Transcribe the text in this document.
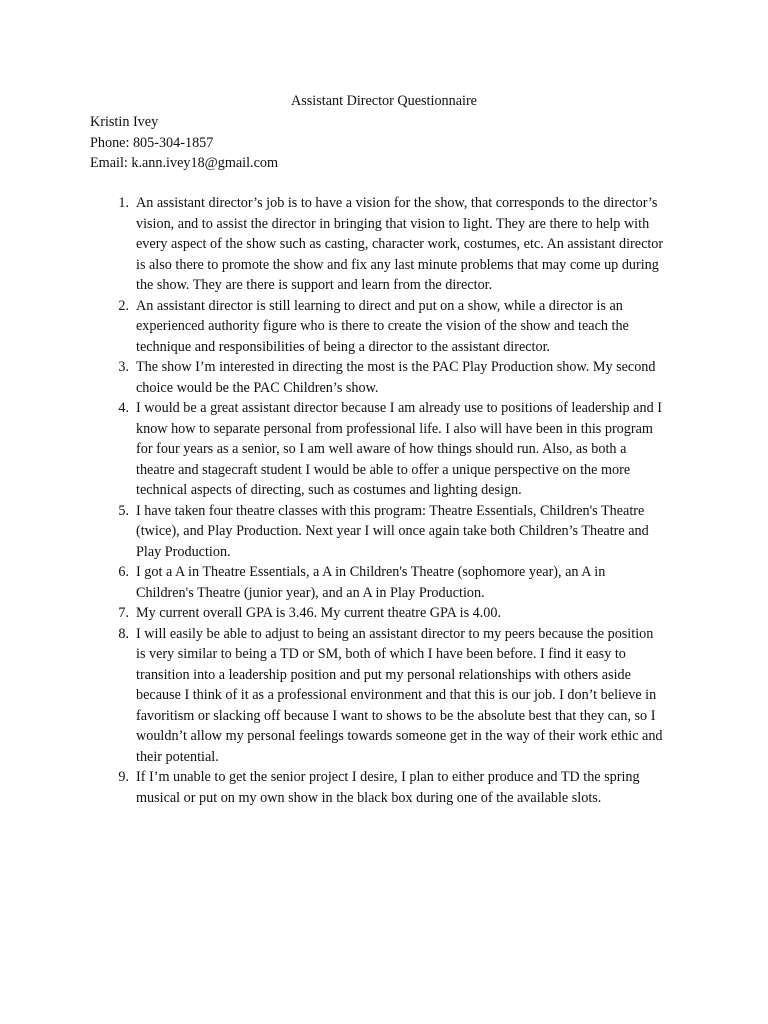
Assistant Director Questionnaire
Kristin Ivey
Phone: 805-304-1857
Email: k.ann.ivey18@gmail.com
1. An assistant director’s job is to have a vision for the show, that corresponds to the director’s vision, and to assist the director in bringing that vision to light. They are there to help with every aspect of the show such as casting, character work, costumes, etc. An assistant director is also there to promote the show and fix any last minute problems that may come up during the show. They are there is support and learn from the director.
2. An assistant director is still learning to direct and put on a show, while a director is an experienced authority figure who is there to create the vision of the show and teach the technique and responsibilities of being a director to the assistant director.
3. The show I’m interested in directing the most is the PAC Play Production show. My second choice would be the PAC Children’s show.
4. I would be a great assistant director because I am already use to positions of leadership and I know how to separate personal from professional life. I also will have been in this program for four years as a senior, so I am well aware of how things should run. Also, as both a theatre and stagecraft student I would be able to offer a unique perspective on the more technical aspects of directing, such as costumes and lighting design.
5. I have taken four theatre classes with this program: Theatre Essentials, Children's Theatre (twice), and Play Production. Next year I will once again take both Children’s Theatre and Play Production.
6. I got a A in Theatre Essentials, a A in Children's Theatre (sophomore year), an A in Children's Theatre (junior year), and an A in Play Production.
7. My current overall GPA is 3.46. My current theatre GPA is 4.00.
8. I will easily be able to adjust to being an assistant director to my peers because the position is very similar to being a TD or SM, both of which I have been before. I find it easy to transition into a leadership position and put my personal relationships with others aside because I think of it as a professional environment and that this is our job. I don’t believe in favoritism or slacking off because I want to shows to be the absolute best that they can, so I wouldn’t allow my personal feelings towards someone get in the way of their work ethic and their potential.
9. If I’m unable to get the senior project I desire, I plan to either produce and TD the spring musical or put on my own show in the black box during one of the available slots.
